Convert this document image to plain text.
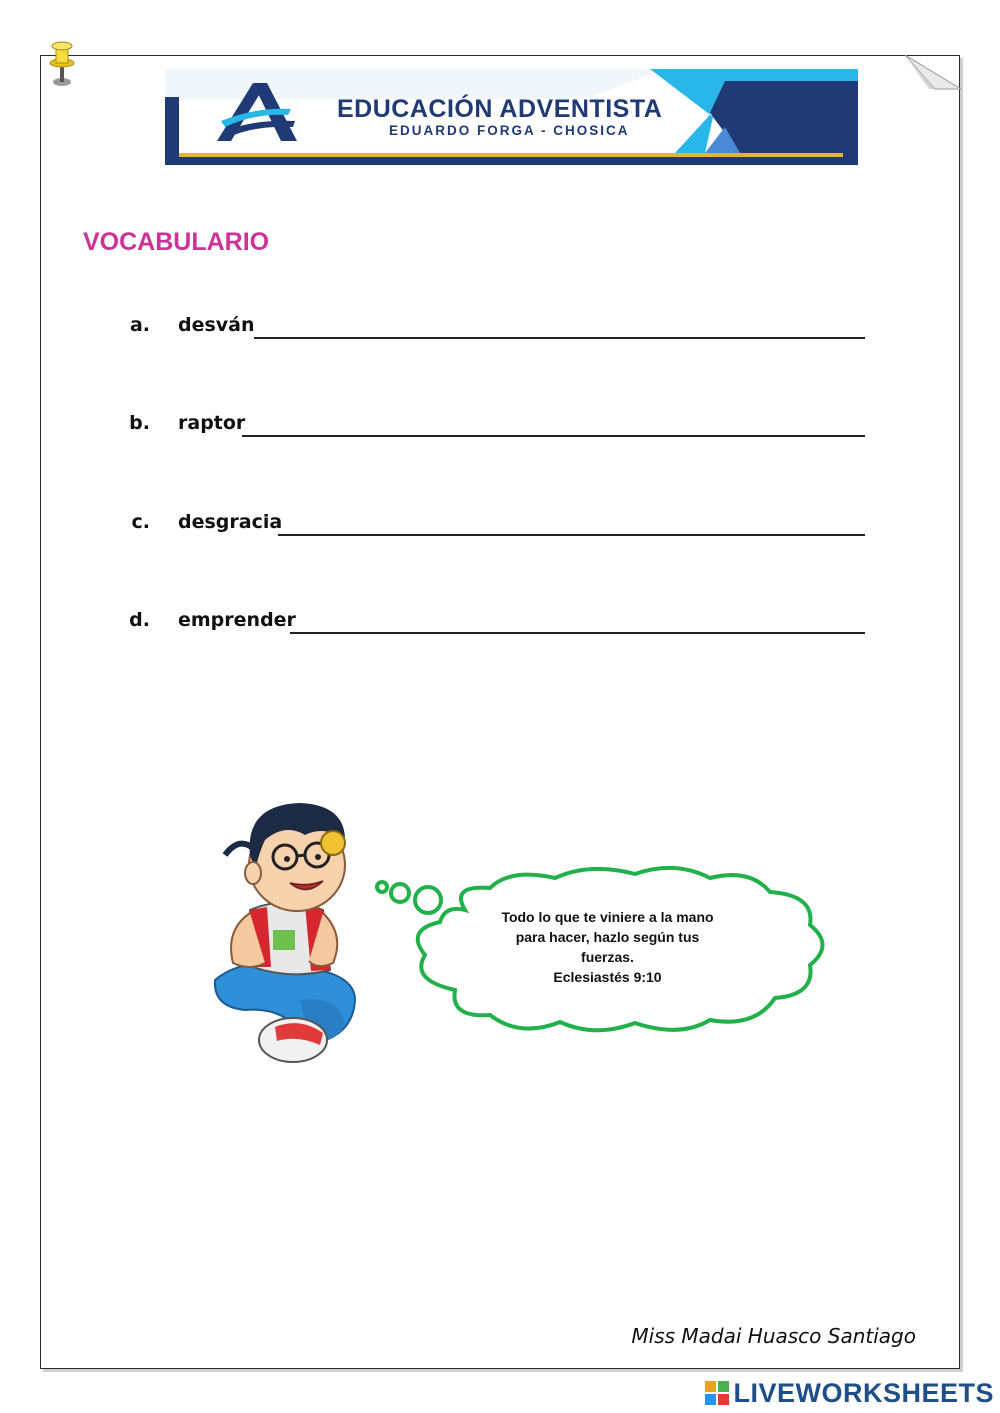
EDUCACIÓN ADVENTISTA
EDUARDO FORGA - CHOSICA
VOCABULARIO
a. desván
b. raptor
c. desgracia
d. emprender
Todo lo que te viniere a la mano
para hacer, hazlo según tus
fuerzas.
Eclesiastés 9:10
Miss Madai Huasco Santiago
LIVEWORKSHEETS
